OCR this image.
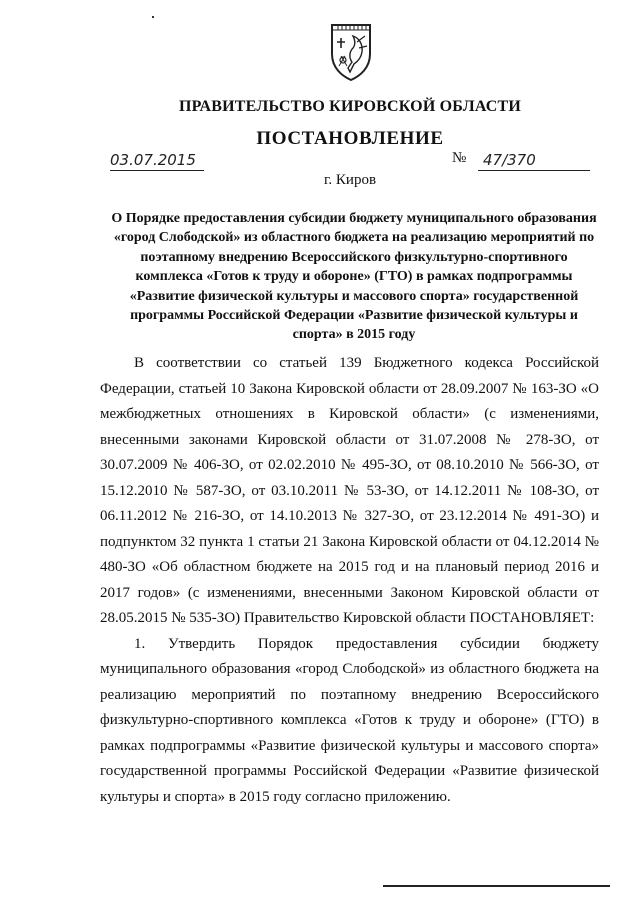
ПРАВИТЕЛЬСТВО КИРОВСКОЙ ОБЛАСТИ
ПОСТАНОВЛЕНИЕ
03.07.2015	№ 47/370
г. Киров
О Порядке предоставления субсидии бюджету муниципального образования «город Слободской» из областного бюджета на реализацию мероприятий по поэтапному внедрению Всероссийского физкультурно-спортивного комплекса «Готов к труду и обороне» (ГТО) в рамках подпрограммы «Развитие физической культуры и массового спорта» государственной программы Российской Федерации «Развитие физической культуры и спорта» в 2015 году

В соответствии со статьей 139 Бюджетного кодекса Российской Федерации, статьей 10 Закона Кировской области от 28.09.2007 № 163-ЗО «О межбюджетных отношениях в Кировской области» (с изменениями, внесенными законами Кировской области от 31.07.2008 № 278-ЗО, от 30.07.2009 № 406-ЗО, от 02.02.2010 № 495-ЗО, от 08.10.2010 № 566-ЗО, от 15.12.2010 № 587-ЗО, от 03.10.2011 № 53-ЗО, от 14.12.2011 № 108-ЗО, от 06.11.2012 № 216-ЗО, от 14.10.2013 № 327-ЗО, от 23.12.2014 № 491-ЗО) и подпунктом 32 пункта 1 статьи 21 Закона Кировской области от 04.12.2014 № 480-ЗО «Об областном бюджете на 2015 год и на плановый период 2016 и 2017 годов» (с изменениями, внесенными Законом Кировской области от 28.05.2015 № 535-ЗО) Правительство Кировской области ПОСТАНОВЛЯЕТ:

1. Утвердить Порядок предоставления субсидии бюджету муниципального образования «город Слободской» из областного бюджета на реализацию мероприятий по поэтапному внедрению Всероссийского физкультурно-спортивного комплекса «Готов к труду и обороне» (ГТО) в рамках подпрограммы «Развитие физической культуры и массового спорта» государственной программы Российской Федерации «Развитие физической культуры и спорта» в 2015 году согласно приложению.
